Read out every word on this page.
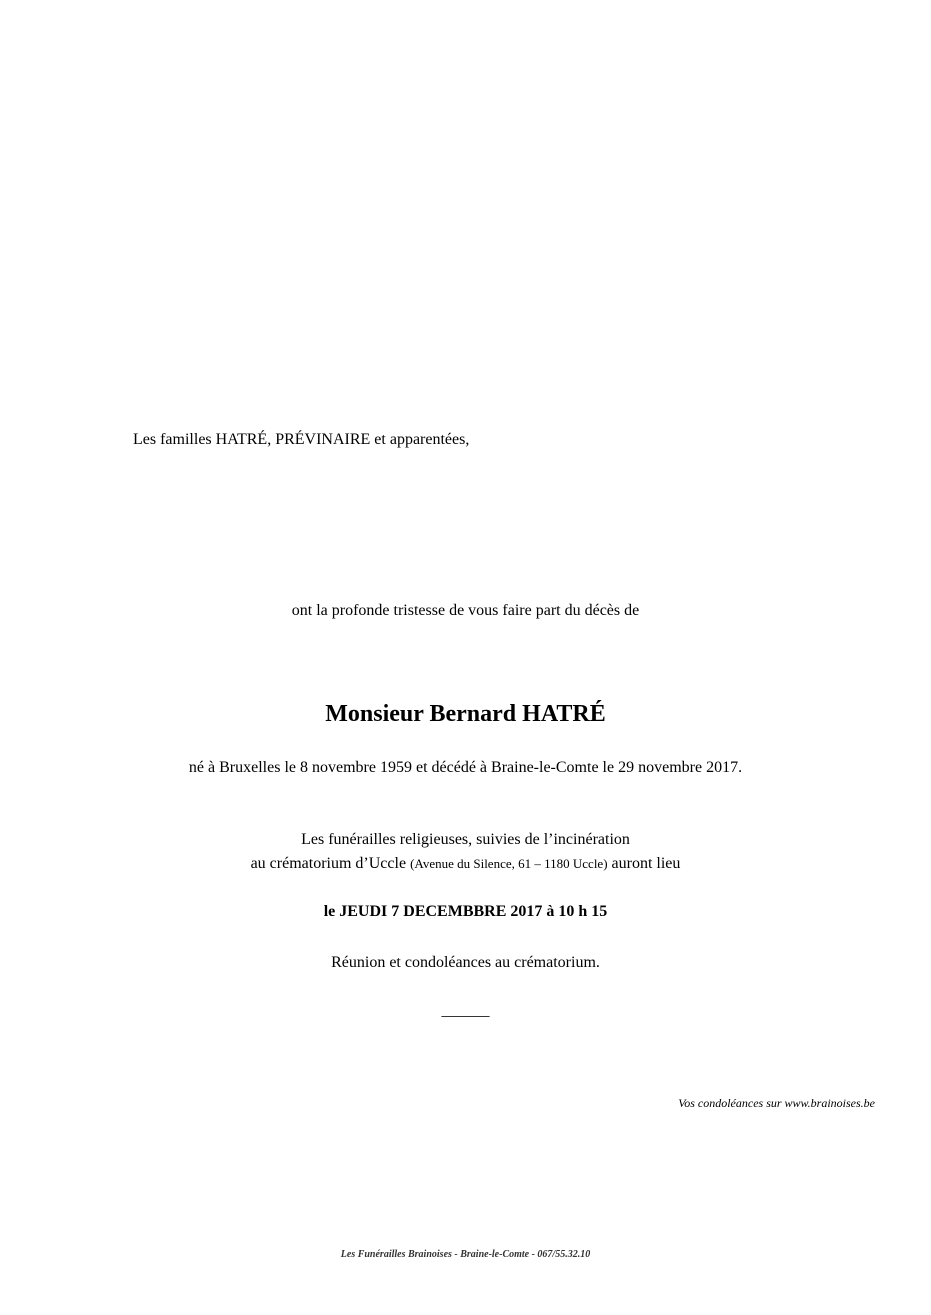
Les familles HATRÉ, PRÉVINAIRE et apparentées,
ont la profonde tristesse de vous faire part du décès de
Monsieur Bernard HATRÉ
né à Bruxelles le 8 novembre 1959 et décédé à Braine-le-Comte le 29 novembre 2017.
Les funérailles religieuses, suivies de l’incinération
au crématorium d’Uccle (Avenue du Silence, 61 – 1180 Uccle) auront lieu
le JEUDI 7 DECEMBBRE 2017 à 10 h 15
Réunion et condoléances au crématorium.
______
Vos condoléances sur www.brainoises.be
Les Funérailles Brainoises - Braine-le-Comte - 067/55.32.10
